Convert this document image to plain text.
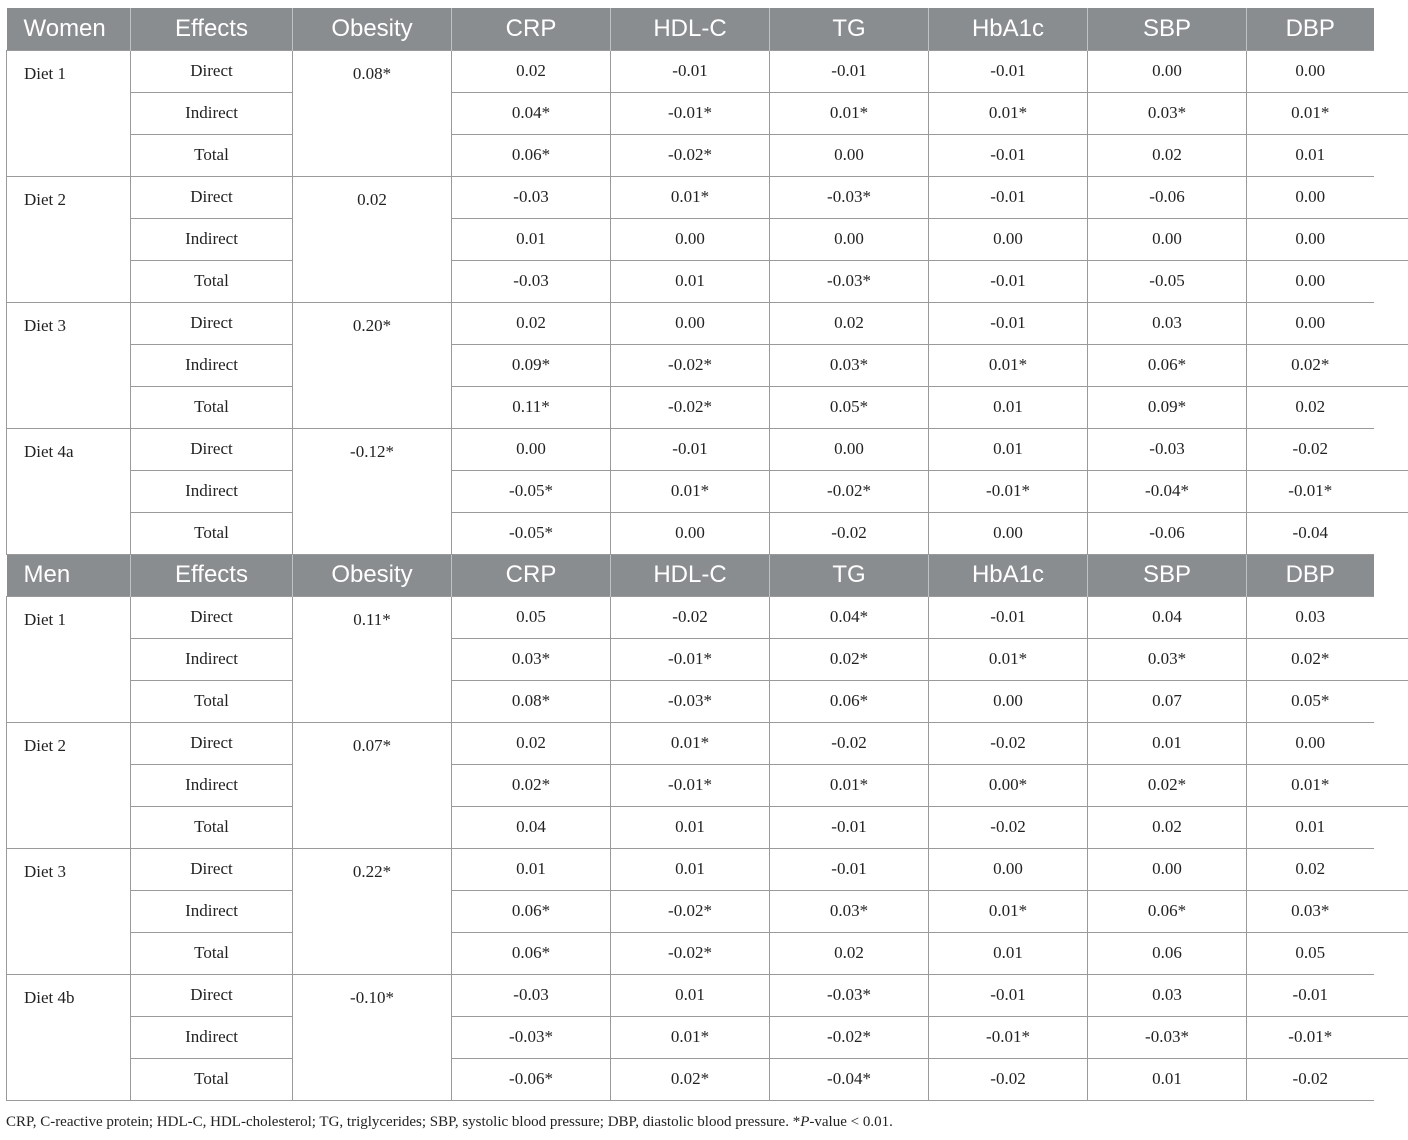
Women	Effects	Obesity	CRP	HDL-C	TG	HbA1c	SBP	DBP	
Diet 1	Direct	0.08*	0.02	-0.01	-0.01	-0.01	0.00	0.00	
	Indirect		0.04*	-0.01*	0.01*	0.01*	0.03*	0.01*	
	Total		0.06*	-0.02*	0.00	-0.01	0.02	0.01	
Diet 2	Direct	0.02	-0.03	0.01*	-0.03*	-0.01	-0.06	0.00	
	Indirect		0.01	0.00	0.00	0.00	0.00	0.00	
	Total		-0.03	0.01	-0.03*	-0.01	-0.05	0.00	
Diet 3	Direct	0.20*	0.02	0.00	0.02	-0.01	0.03	0.00	
	Indirect		0.09*	-0.02*	0.03*	0.01*	0.06*	0.02*	
	Total		0.11*	-0.02*	0.05*	0.01	0.09*	0.02	
Diet 4a	Direct	-0.12*	0.00	-0.01	0.00	0.01	-0.03	-0.02	
	Indirect		-0.05*	0.01*	-0.02*	-0.01*	-0.04*	-0.01*	
	Total		-0.05*	0.00	-0.02	0.00	-0.06	-0.04	
Men	Effects	Obesity	CRP	HDL-C	TG	HbA1c	SBP	DBP	
Diet 1	Direct	0.11*	0.05	-0.02	0.04*	-0.01	0.04	0.03	
	Indirect		0.03*	-0.01*	0.02*	0.01*	0.03*	0.02*	
	Total		0.08*	-0.03*	0.06*	0.00	0.07	0.05*	
Diet 2	Direct	0.07*	0.02	0.01*	-0.02	-0.02	0.01	0.00	
	Indirect		0.02*	-0.01*	0.01*	0.00*	0.02*	0.01*	
	Total		0.04	0.01	-0.01	-0.02	0.02	0.01	
Diet 3	Direct	0.22*	0.01	0.01	-0.01	0.00	0.00	0.02	
	Indirect		0.06*	-0.02*	0.03*	0.01*	0.06*	0.03*	
	Total		0.06*	-0.02*	0.02	0.01	0.06	0.05	
Diet 4b	Direct	-0.10*	-0.03	0.01	-0.03*	-0.01	0.03	-0.01	
	Indirect		-0.03*	0.01*	-0.02*	-0.01*	-0.03*	-0.01*	
	Total		-0.06*	0.02*	-0.04*	-0.02	0.01	-0.02	
CRP, C-reactive protein; HDL-C, HDL-cholesterol; TG, triglycerides; SBP, systolic blood pressure; DBP, diastolic blood pressure. *P-value < 0.01.
